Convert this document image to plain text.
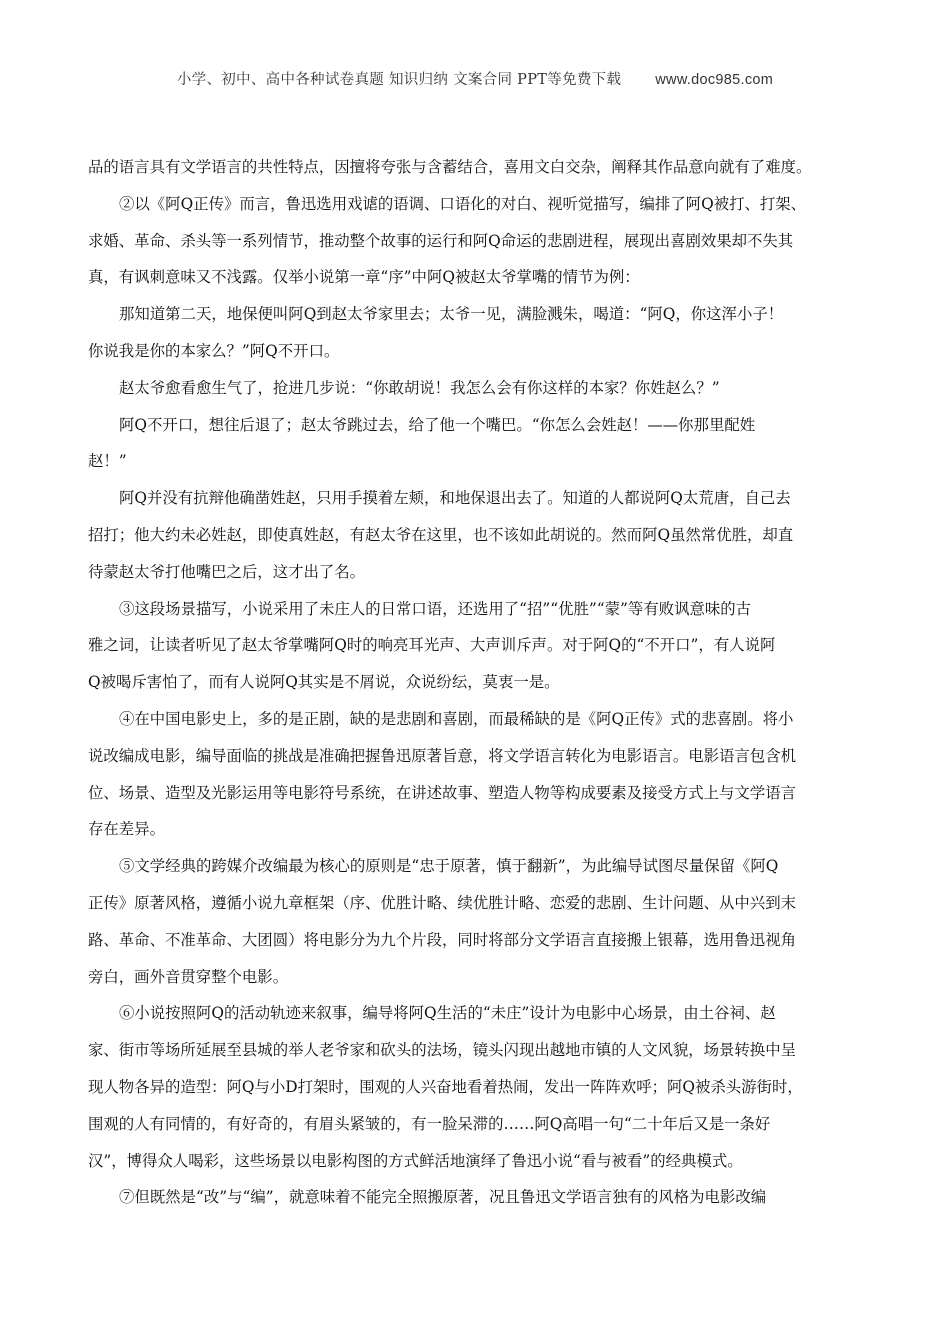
小学、初中、高中各种试卷真题 知识归纳 文案合同 PPT等免费下载 www.doc985.com

品的语言具有文学语言的共性特点，因擅将夸张与含蓄结合，喜用文白交杂，阐释其作品意向就有了难度。

②以《阿Q正传》而言，鲁迅选用戏谑的语调、口语化的对白、视听觉描写，编排了阿Q被打、打架、

求婚、革命、杀头等一系列情节，推动整个故事的运行和阿Q命运的悲剧进程，展现出喜剧效果却不失其

真，有讽刺意味又不浅露。仅举小说第一章“序”中阿Q被赵太爷掌嘴的情节为例：

那知道第二天，地保便叫阿Q到赵太爷家里去；太爷一见，满脸溅朱，喝道：“阿Q，你这浑小子！

你说我是你的本家么？”阿Q不开口。

赵太爷愈看愈生气了，抢进几步说：“你敢胡说！我怎么会有你这样的本家？你姓赵么？”

阿Q不开口，想往后退了；赵太爷跳过去，给了他一个嘴巴。“你怎么会姓赵！——你那里配姓

赵！”

阿Q并没有抗辩他确凿姓赵，只用手摸着左颊，和地保退出去了。知道的人都说阿Q太荒唐，自己去

招打；他大约未必姓赵，即使真姓赵，有赵太爷在这里，也不该如此胡说的。然而阿Q虽然常优胜，却直

待蒙赵太爷打他嘴巴之后，这才出了名。

③这段场景描写，小说采用了未庄人的日常口语，还选用了“招”“优胜”“蒙”等有败讽意味的古

雅之词，让读者听见了赵太爷掌嘴阿Q时的响亮耳光声、大声训斥声。对于阿Q的“不开口”，有人说阿

Q被喝斥害怕了，而有人说阿Q其实是不屑说，众说纷纭，莫衷一是。

④在中国电影史上，多的是正剧，缺的是悲剧和喜剧，而最稀缺的是《阿Q正传》式的悲喜剧。将小

说改编成电影，编导面临的挑战是准确把握鲁迅原著旨意，将文学语言转化为电影语言。电影语言包含机

位、场景、造型及光影运用等电影符号系统，在讲述故事、塑造人物等构成要素及接受方式上与文学语言

存在差异。

⑤文学经典的跨媒介改编最为核心的原则是“忠于原著，慎于翻新”，为此编导试图尽量保留《阿Q

正传》原著风格，遵循小说九章框架（序、优胜计略、续优胜计略、恋爱的悲剧、生计问题、从中兴到末

路、革命、不准革命、大团圆）将电影分为九个片段，同时将部分文学语言直接搬上银幕，选用鲁迅视角

旁白，画外音贯穿整个电影。

⑥小说按照阿Q的活动轨迹来叙事，编导将阿Q生活的“未庄”设计为电影中心场景，由土谷祠、赵

家、街市等场所延展至县城的举人老爷家和砍头的法场，镜头闪现出越地市镇的人文风貌，场景转换中呈

现人物各异的造型：阿Q与小D打架时，围观的人兴奋地看着热闹，发出一阵阵欢呼；阿Q被杀头游街时，

围观的人有同情的，有好奇的，有眉头紧皱的，有一脸呆滞的……阿Q高唱一句“二十年后又是一条好

汉”，博得众人喝彩，这些场景以电影构图的方式鲜活地演绎了鲁迅小说“看与被看”的经典模式。

⑦但既然是“改”与“编”，就意味着不能完全照搬原著，况且鲁迅文学语言独有的风格为电影改编
